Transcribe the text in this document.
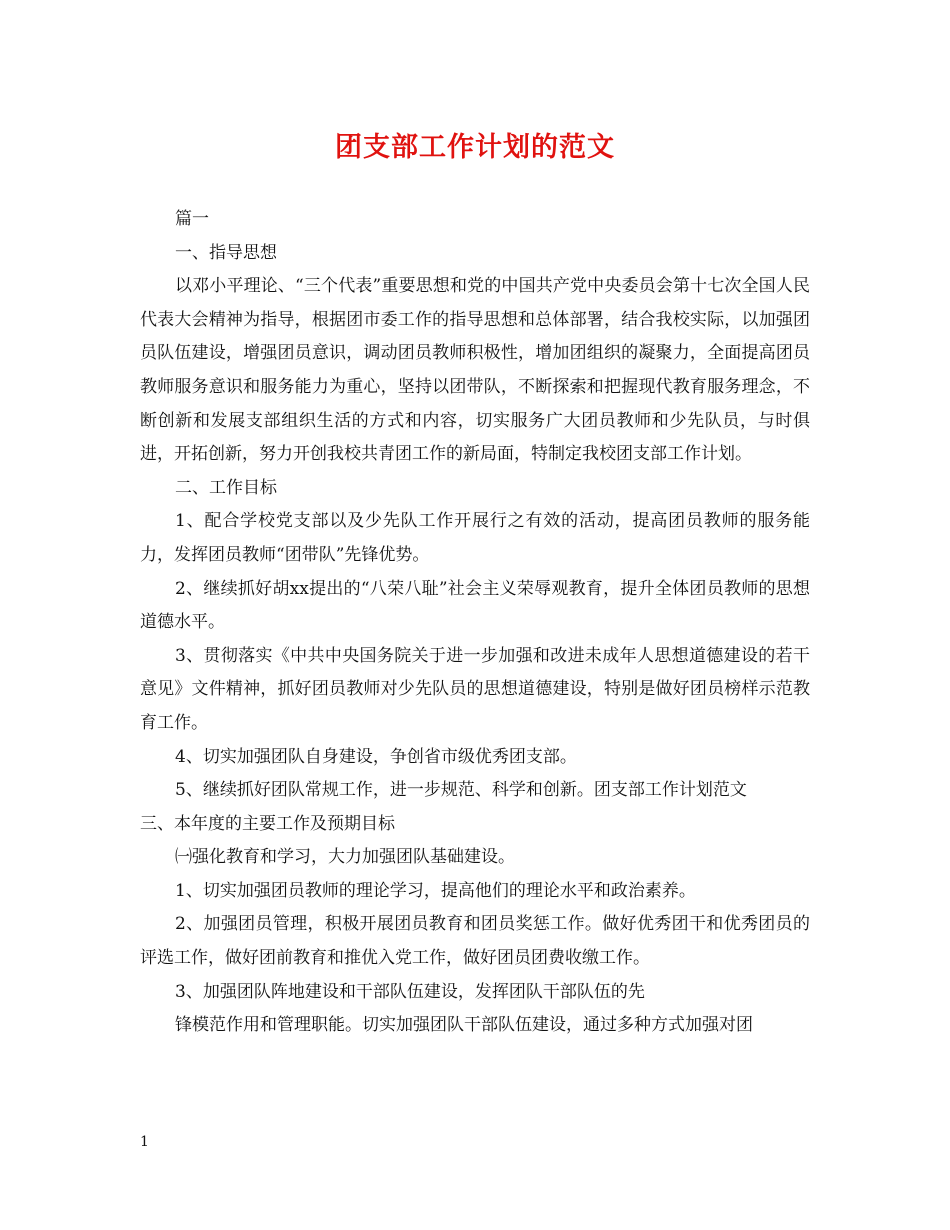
团支部工作计划的范文

篇一

一、指导思想

以邓小平理论、“三个代表”重要思想和党的中国共产党中央委员会第十七次全国人民代表大会精神为指导，根据团市委工作的指导思想和总体部署，结合我校实际，以加强团员队伍建设，增强团员意识，调动团员教师积极性，增加团组织的凝聚力，全面提高团员教师服务意识和服务能力为重心，坚持以团带队，不断探索和把握现代教育服务理念，不断创新和发展支部组织生活的方式和内容，切实服务广大团员教师和少先队员，与时俱进，开拓创新，努力开创我校共青团工作的新局面，特制定我校团支部工作计划。

二、工作目标

1、配合学校党支部以及少先队工作开展行之有效的活动，提高团员教师的服务能力，发挥团员教师“团带队”先锋优势。

2、继续抓好胡xx提出的“八荣八耻”社会主义荣辱观教育，提升全体团员教师的思想道德水平。

3、贯彻落实《中共中央国务院关于进一步加强和改进未成年人思想道德建设的若干意见》文件精神，抓好团员教师对少先队员的思想道德建设，特别是做好团员榜样示范教育工作。

4、切实加强团队自身建设，争创省市级优秀团支部。

5、继续抓好团队常规工作，进一步规范、科学和创新。团支部工作计划范文

三、本年度的主要工作及预期目标

㈠强化教育和学习，大力加强团队基础建设。

1、切实加强团员教师的理论学习，提高他们的理论水平和政治素养。

2、加强团员管理，积极开展团员教育和团员奖惩工作。做好优秀团干和优秀团员的评选工作，做好团前教育和推优入党工作，做好团员团费收缴工作。

3、加强团队阵地建设和干部队伍建设，发挥团队干部队伍的先

锋模范作用和管理职能。切实加强团队干部队伍建设，通过多种方式加强对团

1
